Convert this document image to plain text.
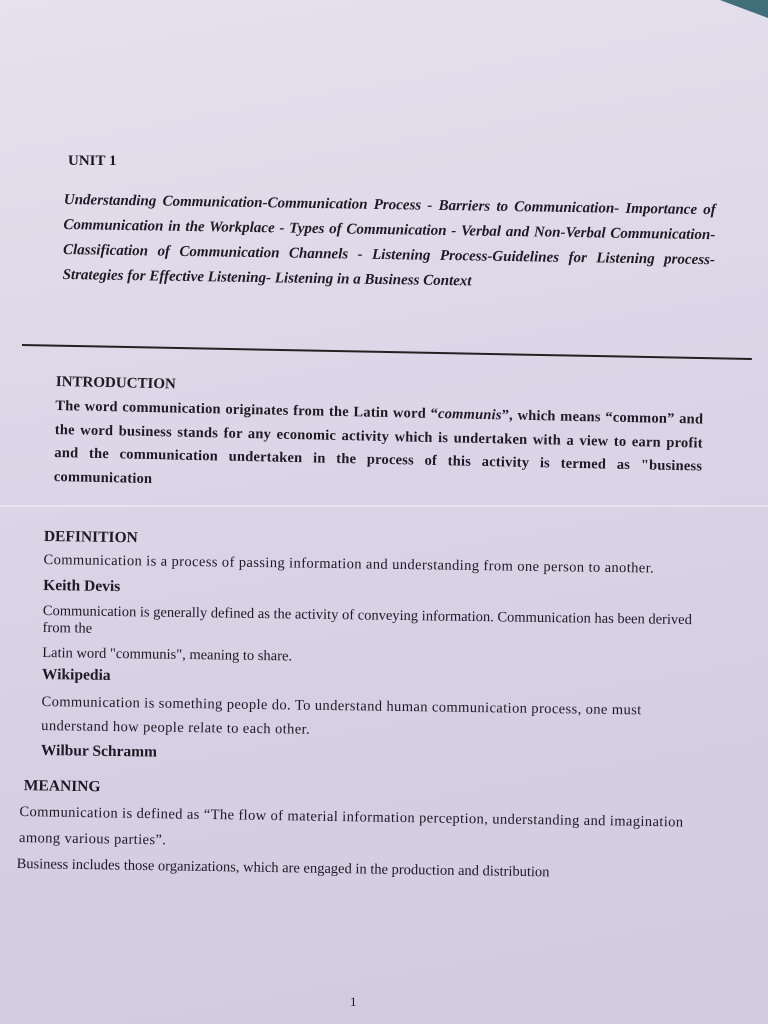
UNIT 1
Understanding Communication-Communication Process - Barriers to Communication- Importance of Communication in the Workplace - Types of Communication - Verbal and Non-Verbal Communication- Classification of Communication Channels - Listening Process-Guidelines for Listening process- Strategies for Effective Listening- Listening in a Business Context
INTRODUCTION

The word communication originates from the Latin word “communis”, which means “common” and the word business stands for any economic activity which is undertaken with a view to earn profit and the communication undertaken in the process of this activity is termed as "business communication

DEFINITION
Communication is a process of passing information and understanding from one person to another.
Keith Devis
Communication is generally defined as the activity of conveying information. Communication has been derived from the
Latin word "communis", meaning to share.
Wikipedia
Communication is something people do. To understand human communication process, one must understand how people relate to each other.
Wilbur Schramm
MEANING
Communication is defined as “The flow of material information perception, understanding and imagination among various parties”.
Business includes those organizations, which are engaged in the production and distribution
1
